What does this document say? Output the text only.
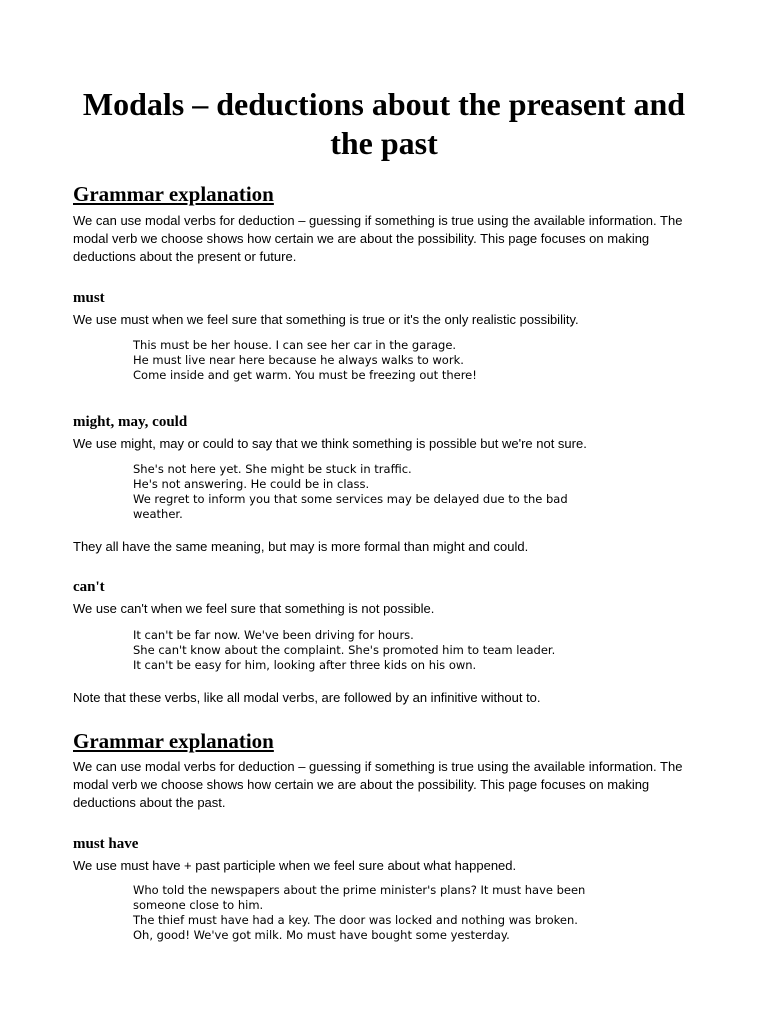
Modals – deductions about the preasent and the past
Grammar explanation

We can use modal verbs for deduction – guessing if something is true using the available information. The modal verb we choose shows how certain we are about the possibility. This page focuses on making deductions about the present or future.

must

We use must when we feel sure that something is true or it's the only realistic possibility.

This must be her house. I can see her car in the garage.
He must live near here because he always walks to work.
Come inside and get warm. You must be freezing out there!
might, may, could

We use might, may or could to say that we think something is possible but we're not sure.

She's not here yet. She might be stuck in traffic.
He's not answering. He could be in class.
We regret to inform you that some services may be delayed due to the bad weather.

They all have the same meaning, but may is more formal than might and could.

can't

We use can't when we feel sure that something is not possible.

It can't be far now. We've been driving for hours.
She can't know about the complaint. She's promoted him to team leader.
It can't be easy for him, looking after three kids on his own.

Note that these verbs, like all modal verbs, are followed by an infinitive without to.

Grammar explanation

We can use modal verbs for deduction – guessing if something is true using the available information. The modal verb we choose shows how certain we are about the possibility. This page focuses on making deductions about the past.

must have

We use must have + past participle when we feel sure about what happened.

Who told the newspapers about the prime minister's plans? It must have been someone close to him.
The thief must have had a key. The door was locked and nothing was broken.
Oh, good! We've got milk. Mo must have bought some yesterday.
